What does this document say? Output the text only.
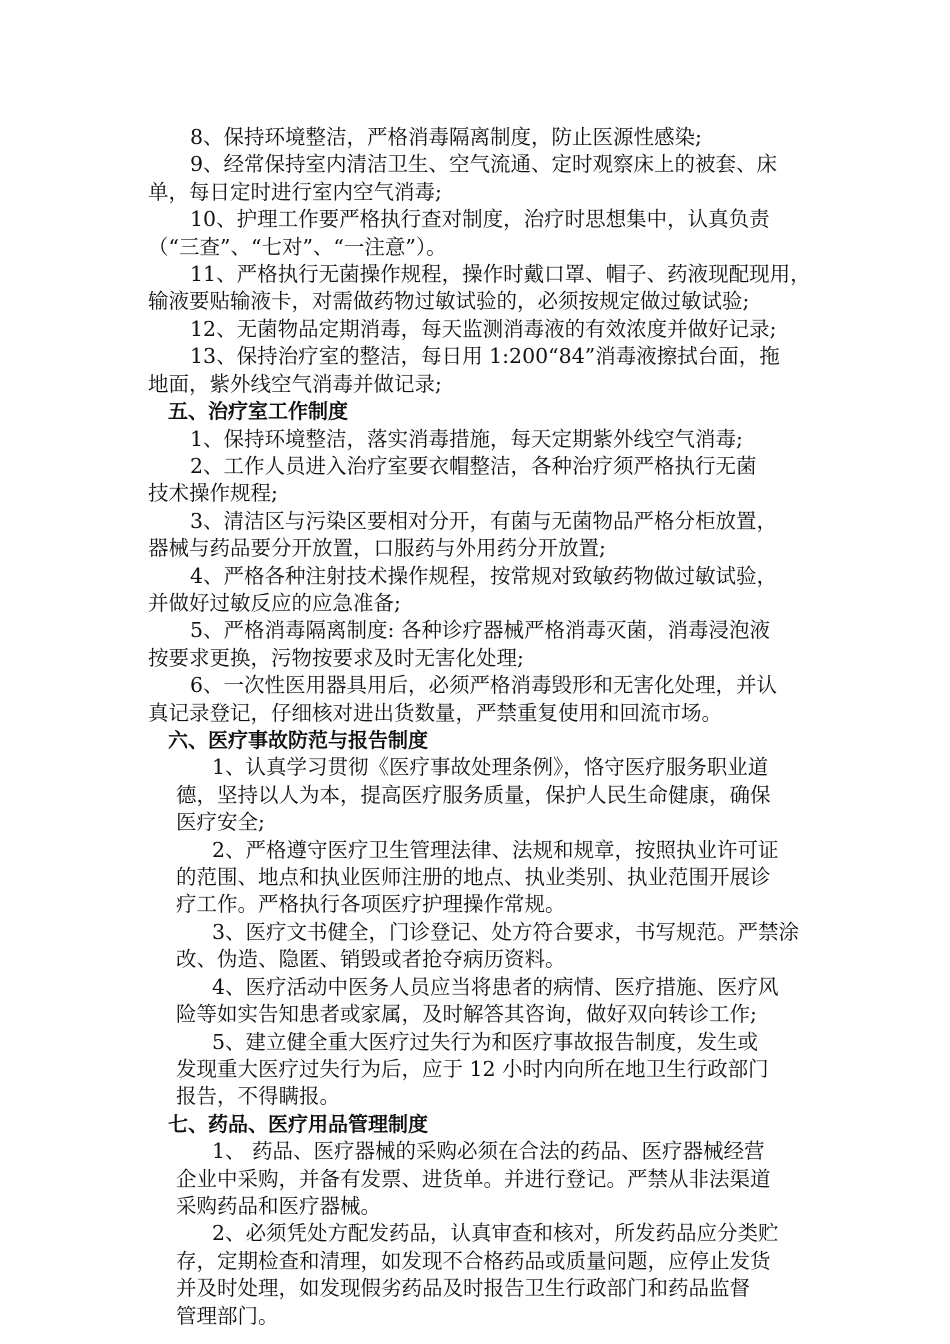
8、保持环境整洁，严格消毒隔离制度，防止医源性感染;
9、经常保持室内清洁卫生、空气流通、定时观察床上的被套、床
单，每日定时进行室内空气消毒;
10、护理工作要严格执行查对制度，治疗时思想集中，认真负责
（“三查”、“七对”、“一注意”）。
11、严格执行无菌操作规程，操作时戴口罩、帽子、药液现配现用，
输液要贴输液卡，对需做药物过敏试验的，必须按规定做过敏试验;
12、无菌物品定期消毒，每天监测消毒液的有效浓度并做好记录;
13、保持治疗室的整洁，每日用 1:200“84”消毒液擦拭台面，拖
地面，紫外线空气消毒并做记录;
五、治疗室工作制度
1、保持环境整洁，落实消毒措施，每天定期紫外线空气消毒;
2、工作人员进入治疗室要衣帽整洁，各种治疗须严格执行无菌
技术操作规程;
3、清洁区与污染区要相对分开，有菌与无菌物品严格分柜放置，
器械与药品要分开放置，口服药与外用药分开放置;
4、严格各种注射技术操作规程，按常规对致敏药物做过敏试验，
并做好过敏反应的应急准备;
5、严格消毒隔离制度: 各种诊疗器械严格消毒灭菌，消毒浸泡液
按要求更换，污物按要求及时无害化处理;
6、一次性医用器具用后，必须严格消毒毁形和无害化处理，并认
真记录登记，仔细核对进出货数量，严禁重复使用和回流市场。
六、医疗事故防范与报告制度
1、认真学习贯彻《医疗事故处理条例》，恪守医疗服务职业道
德，坚持以人为本，提高医疗服务质量，保护人民生命健康，确保
医疗安全;
2、严格遵守医疗卫生管理法律、法规和规章，按照执业许可证
的范围、地点和执业医师注册的地点、执业类别、执业范围开展诊
疗工作。严格执行各项医疗护理操作常规。
3、医疗文书健全，门诊登记、处方符合要求，书写规范。严禁涂
改、伪造、隐匿、销毁或者抢夺病历资料。
4、医疗活动中医务人员应当将患者的病情、医疗措施、医疗风
险等如实告知患者或家属，及时解答其咨询，做好双向转诊工作;
5、建立健全重大医疗过失行为和医疗事故报告制度，发生或
发现重大医疗过失行为后，应于 12 小时内向所在地卫生行政部门
报告，不得瞒报。
七、药品、医疗用品管理制度
1、 药品、医疗器械的采购必须在合法的药品、医疗器械经营
企业中采购，并备有发票、进货单。并进行登记。严禁从非法渠道
采购药品和医疗器械。
2、必须凭处方配发药品，认真审查和核对，所发药品应分类贮
存，定期检查和清理，如发现不合格药品或质量问题，应停止发货
并及时处理，如发现假劣药品及时报告卫生行政部门和药品监督
管理部门。
